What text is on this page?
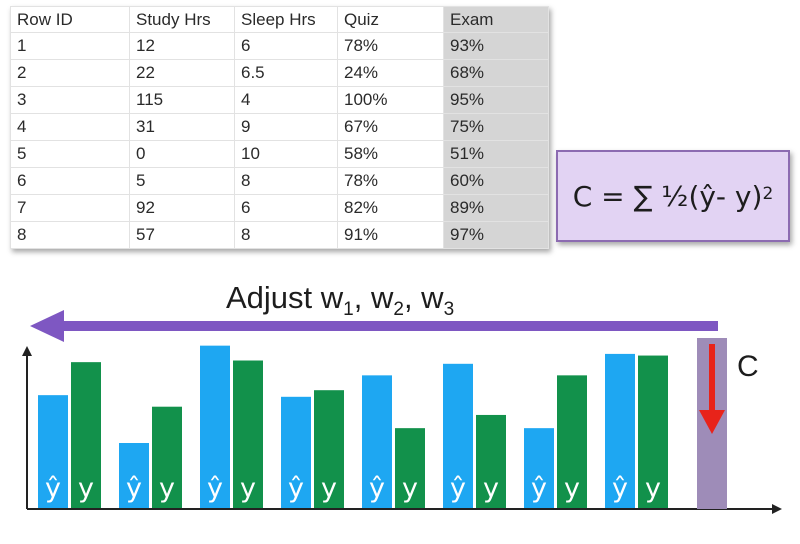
Row ID	Study Hrs	Sleep Hrs	Quiz	Exam
1	12	6	78%	93%
2	22	6.5	24%	68%
3	115	4	100%	95%
4	31	9	67%	75%
5	0	10	58%	51%
6	5	8	78%	60%
7	92	6	82%	89%
8	57	8	91%	97%
C = ∑ ½(ŷ- y)$^2$
Adjust $w_1$, $w_2$, $w_3$
C
ŷ y ŷ y ŷ y ŷ y ŷ y ŷ y ŷ y ŷ y
